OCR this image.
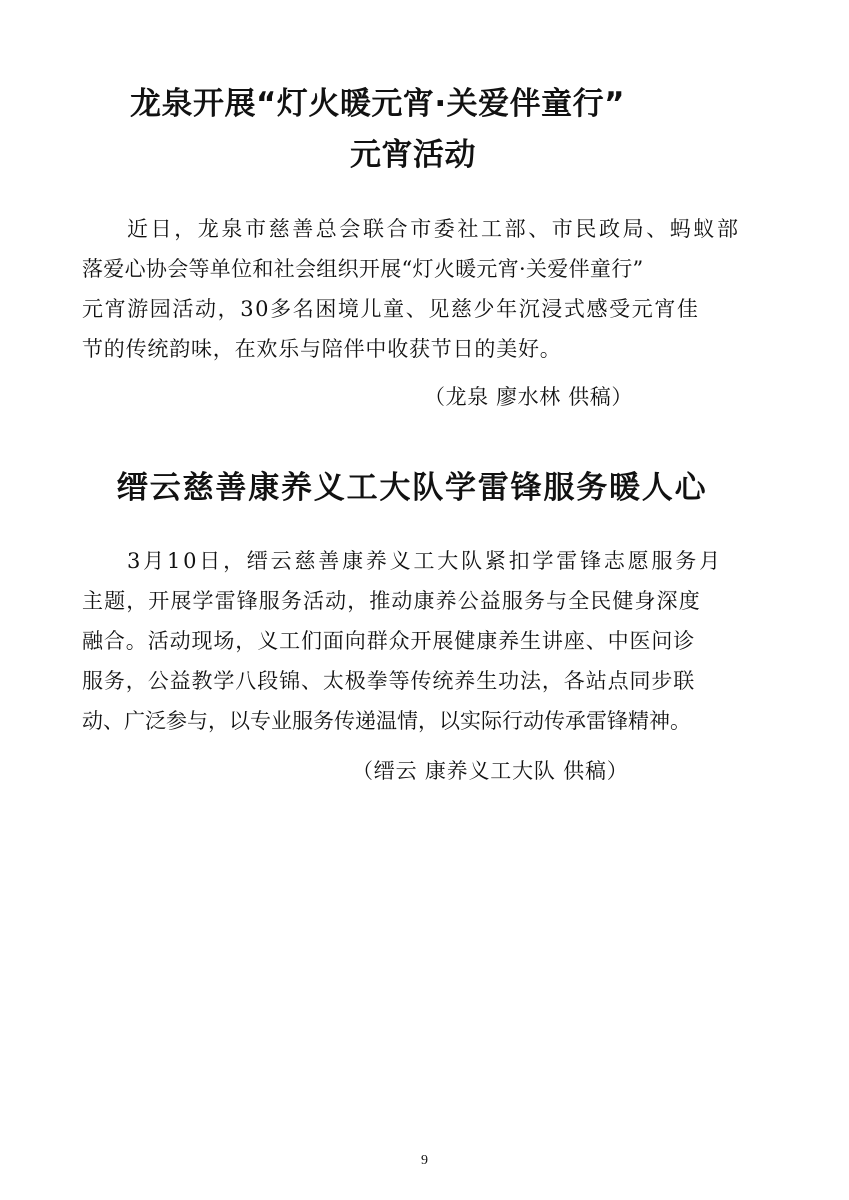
龙泉开展“灯火暖元宵·关爱伴童行”
元宵活动
近日，龙泉市慈善总会联合市委社工部、市民政局、蚂蚁部
落爱心协会等单位和社会组织开展“灯火暖元宵·关爱伴童行”
元宵游园活动，30多名困境儿童、见慈少年沉浸式感受元宵佳
节的传统韵味，在欢乐与陪伴中收获节日的美好。

（龙泉 廖水林 供稿）

缙云慈善康养义工大队学雷锋服务暖人心
3月10日，缙云慈善康养义工大队紧扣学雷锋志愿服务月
主题，开展学雷锋服务活动，推动康养公益服务与全民健身深度
融合。活动现场，义工们面向群众开展健康养生讲座、中医问诊
服务，公益教学八段锦、太极拳等传统养生功法，各站点同步联
动、广泛参与，以专业服务传递温情，以实际行动传承雷锋精神。

（缙云 康养义工大队 供稿）

9
